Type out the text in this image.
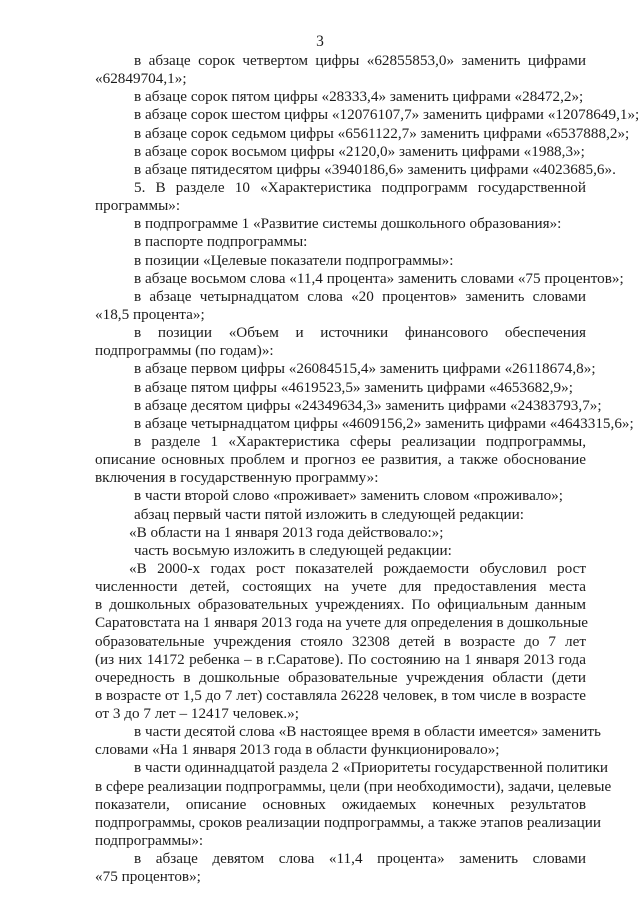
3
в абзаце сорок четвертом цифры «62855853,0» заменить цифрами
«62849704,1»;
в абзаце сорок пятом цифры «28333,4» заменить цифрами «28472,2»;
в абзаце сорок шестом цифры «12076107,7» заменить цифрами «12078649,1»;
в абзаце сорок седьмом цифры «6561122,7» заменить цифрами «6537888,2»;
в абзаце сорок восьмом цифры «2120,0» заменить цифрами «1988,3»;
в абзаце пятидесятом цифры «3940186,6» заменить цифрами «4023685,6».
5. В разделе 10 «Характеристика подпрограмм государственной
программы»:
в подпрограмме 1 «Развитие системы дошкольного образования»:
в паспорте подпрограммы:
в позиции «Целевые показатели подпрограммы»:
в абзаце восьмом слова «11,4 процента» заменить словами «75 процентов»;
в абзаце четырнадцатом слова «20 процентов» заменить словами
«18,5 процента»;
в позиции «Объем и источники финансового обеспечения
подпрограммы (по годам)»:
в абзаце первом цифры «26084515,4» заменить цифрами «26118674,8»;
в абзаце пятом цифры «4619523,5» заменить цифрами «4653682,9»;
в абзаце десятом цифры «24349634,3» заменить цифрами «24383793,7»;
в абзаце четырнадцатом цифры «4609156,2» заменить цифрами «4643315,6»;
в разделе 1 «Характеристика сферы реализации подпрограммы,
описание основных проблем и прогноз ее развития, а также обоснование
включения в государственную программу»:
в части второй слово «проживает» заменить словом «проживало»;
абзац первый части пятой изложить в следующей редакции:
«В области на 1 января 2013 года действовало:»;
часть восьмую изложить в следующей редакции:
«В 2000-х годах рост показателей рождаемости обусловил рост
численности детей, состоящих на учете для предоставления места
в дошкольных образовательных учреждениях. По официальным данным
Саратовстата на 1 января 2013 года на учете для определения в дошкольные
образовательные учреждения стояло 32308 детей в возрасте до 7 лет
(из них 14172 ребенка – в г.Саратове). По состоянию на 1 января 2013 года
очередность в дошкольные образовательные учреждения области (дети
в возрасте от 1,5 до 7 лет) составляла 26228 человек, в том числе в возрасте
от 3 до 7 лет – 12417 человек.»;
в части десятой слова «В настоящее время в области имеется» заменить
словами «На 1 января 2013 года в области функционировало»;
в части одиннадцатой раздела 2 «Приоритеты государственной политики
в сфере реализации подпрограммы, цели (при необходимости), задачи, целевые
показатели, описание основных ожидаемых конечных результатов
подпрограммы, сроков реализации подпрограммы, а также этапов реализации
подпрограммы»:
в абзаце девятом слова «11,4 процента» заменить словами
«75 процентов»;
